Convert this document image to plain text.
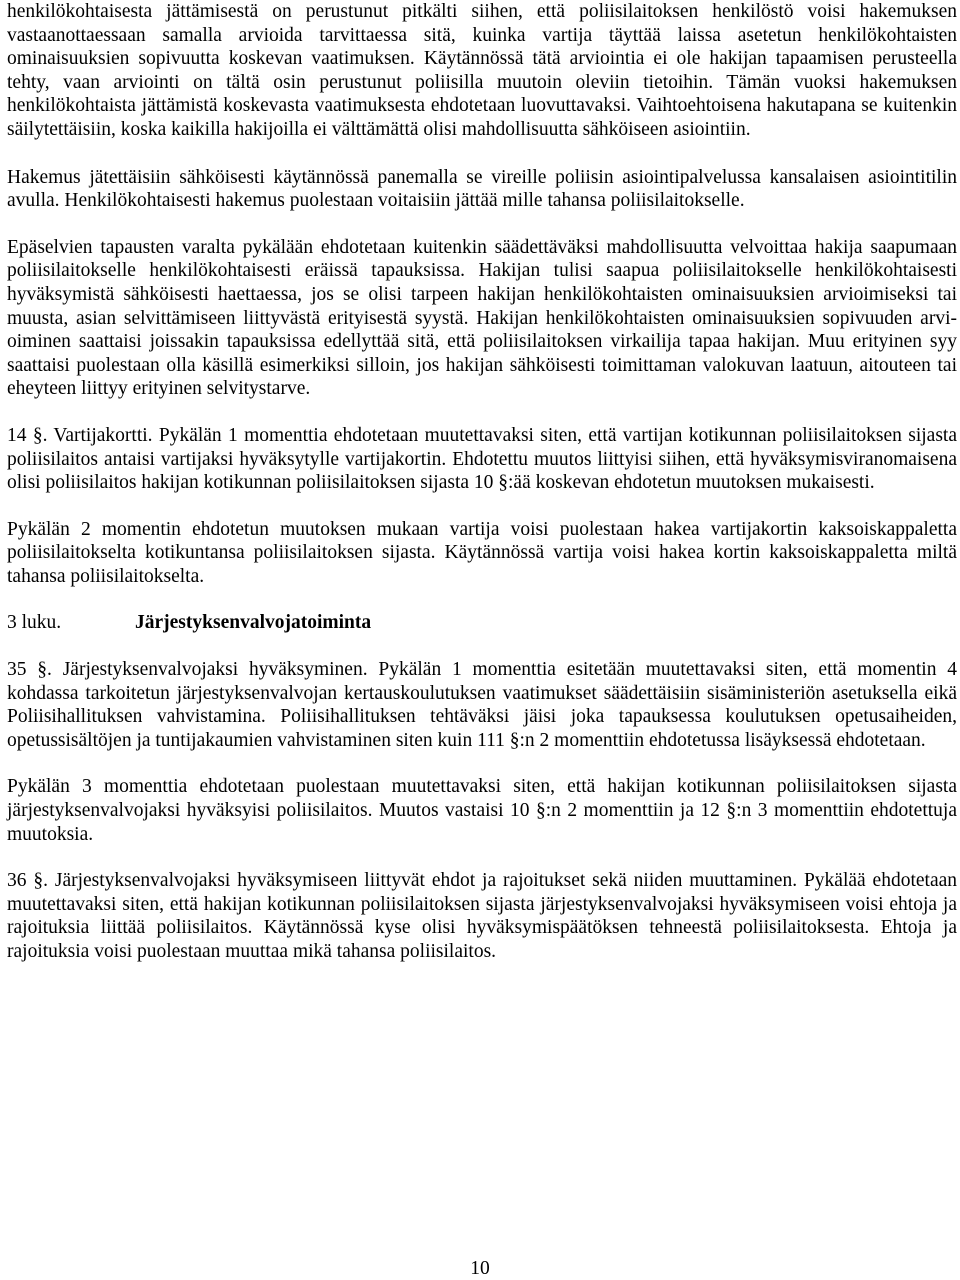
henkilökohtaisesta jättämisestä on perustunut pitkälti siihen, että poliisilaitoksen henkilöstö voisi hakemuksen vastaanottaessaan samalla arvioida tarvittaessa sitä, kuinka vartija täyttää laissa asetetun henkilökohtaisten ominaisuuksien sopivuutta koskevan vaatimuksen. Käytännössä tätä arviointia ei ole hakijan tapaamisen perusteella tehty, vaan arviointi on tältä osin perustunut poliisilla muutoin oleviin tietoihin. Tämän vuoksi hakemuksen henkilökohtaista jättämistä koskevasta vaatimuksesta ehdotetaan luovuttavaksi. Vaihtoehtoisena hakutapana se kuitenkin säilytettäisiin, koska kaikilla hakijoilla ei välttämättä olisi mahdollisuutta sähköiseen asiointiin.

Hakemus jätettäisiin sähköisesti käytännössä panemalla se vireille poliisin asiointipalvelussa kansalaisen asiointitilin avulla. Henkilökohtaisesti hakemus puolestaan voitaisiin jättää mille tahansa poliisilaitokselle.

Epäselvien tapausten varalta pykälään ehdotetaan kuitenkin säädettäväksi mahdollisuutta velvoittaa hakija saapumaan poliisilaitokselle henkilökohtaisesti eräissä tapauksissa. Hakijan tulisi saapua poliisilaitokselle henkilökohtaisesti hyväksymistä sähköisesti haettaessa, jos se olisi tarpeen hakijan henkilökohtaisten ominaisuuksien arvioimiseksi tai muusta, asian selvittämiseen liittyvästä erityisestä syystä. Hakijan henkilökohtaisten ominaisuuksien sopivuuden arvioiminen saattaisi joissakin tapauksissa edellyttää sitä, että poliisilaitoksen virkailija tapaa hakijan. Muu erityinen syy saattaisi puolestaan olla käsillä esimerkiksi silloin, jos hakijan sähköisesti toimittaman valokuvan laatuun, aitouteen tai eheyteen liittyy erityinen selvitystarve.

14 §. Vartijakortti. Pykälän 1 momenttia ehdotetaan muutettavaksi siten, että vartijan kotikunnan poliisilaitoksen sijasta poliisilaitos antaisi vartijaksi hyväksytylle vartijakortin. Ehdotettu muutos liittyisi siihen, että hyväksymisviranomaisena olisi poliisilaitos hakijan kotikunnan poliisilaitoksen sijasta 10 §:ää koskevan ehdotetun muutoksen mukaisesti.

Pykälän 2 momentin ehdotetun muutoksen mukaan vartija voisi puolestaan hakea vartijakortin kaksoiskappaletta poliisilaitokselta kotikuntansa poliisilaitoksen sijasta. Käytännössä vartija voisi hakea kortin kaksoiskappaletta miltä tahansa poliisilaitokselta.

3 luku.	Järjestyksenvalvojatoiminta

35 §. Järjestyksenvalvojaksi hyväksyminen. Pykälän 1 momenttia esitetään muutettavaksi siten, että momentin 4 kohdassa tarkoitetun järjestyksenvalvojan kertauskoulutuksen vaatimukset säädettäisiin sisäministeriön asetuksella eikä Poliisihallituksen vahvistamina. Poliisihallituksen tehtäväksi jäisi joka tapauksessa koulutuksen opetusaiheiden, opetussisältöjen ja tuntijakaumien vahvistaminen siten kuin 111 §:n 2 momenttiin ehdotetussa lisäyksessä ehdotetaan.

Pykälän 3 momenttia ehdotetaan puolestaan muutettavaksi siten, että hakijan kotikunnan poliisilaitoksen sijasta järjestyksenvalvojaksi hyväksyisi poliisilaitos. Muutos vastaisi 10 §:n 2 momenttiin ja 12 §:n 3 momenttiin ehdotettuja muutoksia.

36 §. Järjestyksenvalvojaksi hyväksymiseen liittyvät ehdot ja rajoitukset sekä niiden muuttaminen. Pykälää ehdotetaan muutettavaksi siten, että hakijan kotikunnan poliisilaitoksen sijasta järjestyksenvalvojaksi hyväksymiseen voisi ehtoja ja rajoituksia liittää poliisilaitos. Käytännössä kyse olisi hyväksymispäätöksen tehneestä poliisilaitoksesta. Ehtoja ja rajoituksia voisi puolestaan muuttaa mikä tahansa poliisilaitos.

10
